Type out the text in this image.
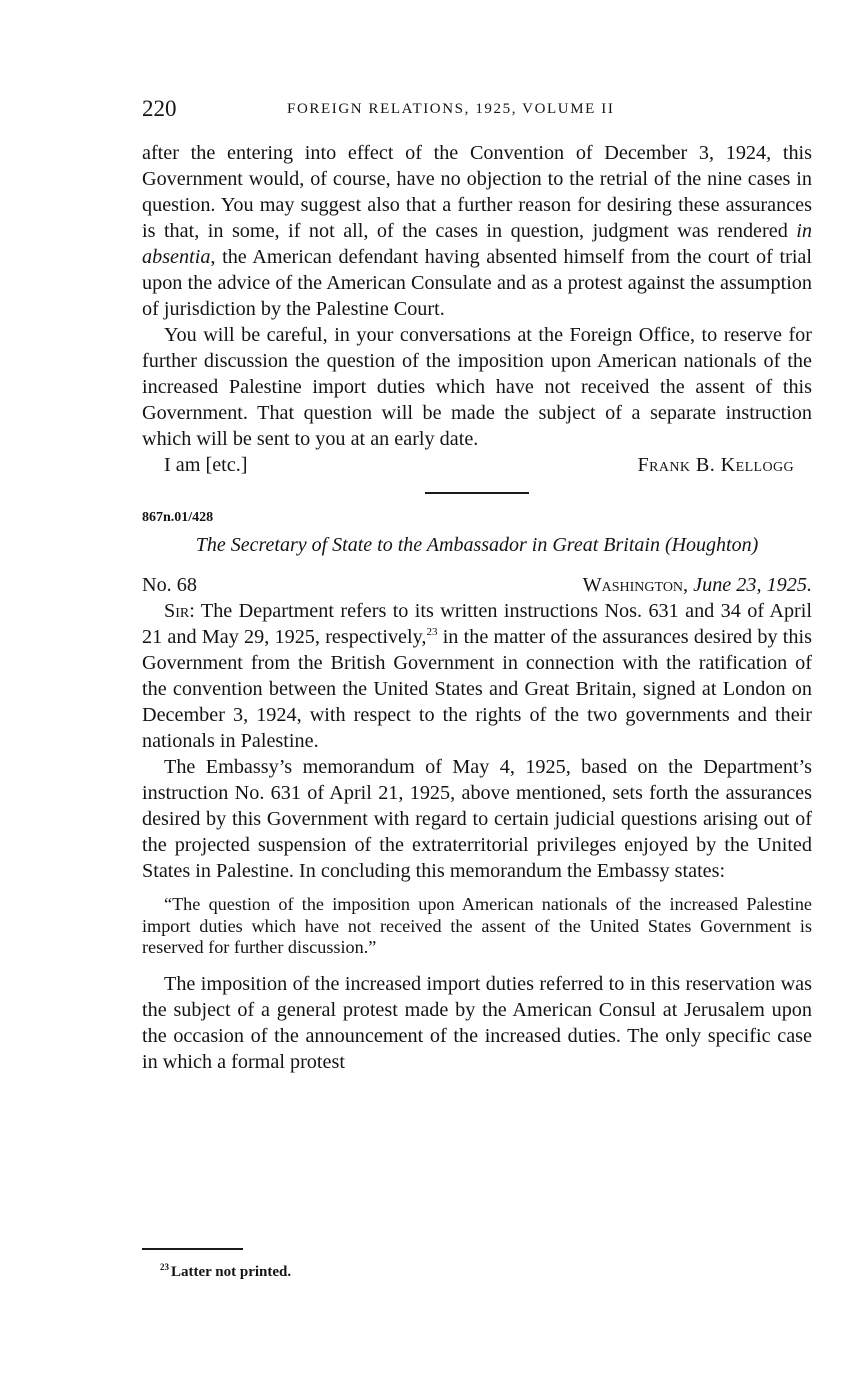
220	FOREIGN RELATIONS, 1925, VOLUME II

after the entering into effect of the Convention of December 3, 1924, this Government would, of course, have no objection to the retrial of the nine cases in question. You may suggest also that a further reason for desiring these assurances is that, in some, if not all, of the cases in question, judgment was rendered in absentia, the American defendant having absented himself from the court of trial upon the advice of the American Consulate and as a protest against the assumption of jurisdiction by the Palestine Court.

You will be careful, in your conversations at the Foreign Office, to reserve for further discussion the question of the imposition upon American nationals of the increased Palestine import duties which have not received the assent of this Government. That question will be made the subject of a separate instruction which will be sent to you at an early date.

I am [etc.]	Frank B. Kellogg
867n.01/428
The Secretary of State to the Ambassador in Great Britain (Houghton)
No. 68	Washington, June 23, 1925.

Sir: The Department refers to its written instructions Nos. 631 and 34 of April 21 and May 29, 1925, respectively,$^{23}$ in the matter of the assurances desired by this Government from the British Government in connection with the ratification of the convention between the United States and Great Britain, signed at London on December 3, 1924, with respect to the rights of the two governments and their nationals in Palestine.

The Embassy’s memorandum of May 4, 1925, based on the Department’s instruction No. 631 of April 21, 1925, above mentioned, sets forth the assurances desired by this Government with regard to certain judicial questions arising out of the projected suspension of the extraterritorial privileges enjoyed by the United States in Palestine. In concluding this memorandum the Embassy states:

“The question of the imposition upon American nationals of the increased Palestine import duties which have not received the assent of the United States Government is reserved for further discussion.”

The imposition of the increased import duties referred to in this reservation was the subject of a general protest made by the American Consul at Jerusalem upon the occasion of the announcement of the increased duties. The only specific case in which a formal protest

$^{23}$ Latter not printed.
